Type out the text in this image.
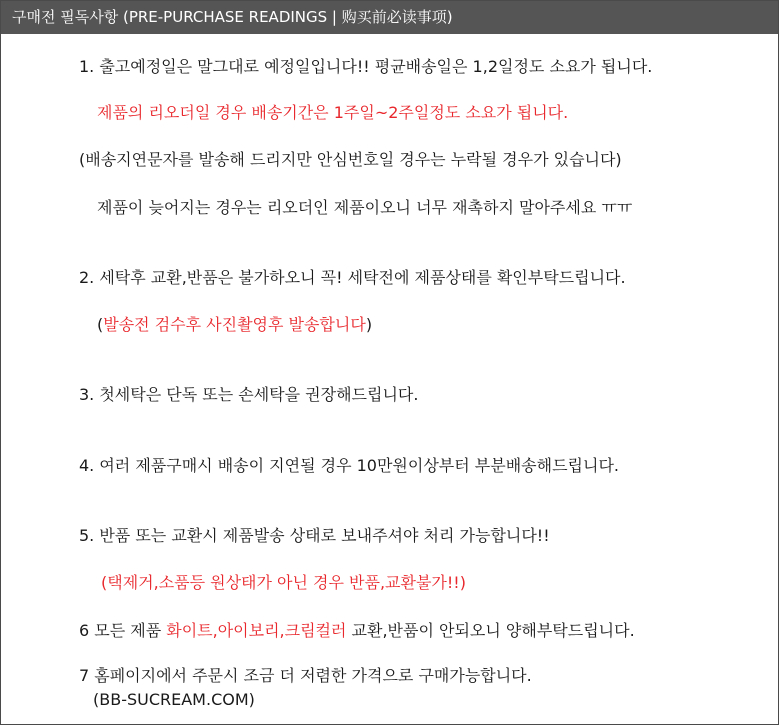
구매전 필독사항 (PRE-PURCHASE READINGS | 购买前必读事项)
1. 출고예정일은 말그대로 예정일입니다!! 평균배송일은 1,2일정도 소요가 됩니다.
제품의 리오더일 경우 배송기간은 1주일~2주일정도 소요가 됩니다.
(배송지연문자를 발송해 드리지만 안심번호일 경우는 누락될 경우가 있습니다)
제품이 늦어지는 경우는 리오더인 제품이오니 너무 재촉하지 말아주세요 ㅠㅠ
2. 세탁후 교환,반품은 불가하오니 꼭! 세탁전에 제품상태를 확인부탁드립니다.
(발송전 검수후 사진촬영후 발송합니다)
3. 첫세탁은 단독 또는 손세탁을 권장해드립니다.
4. 여러 제품구매시 배송이 지연될 경우 10만원이상부터 부분배송해드립니다.
5. 반품 또는 교환시 제품발송 상태로 보내주셔야 처리 가능합니다!!
(택제거,소품등 원상태가 아닌 경우 반품,교환불가!!)
6 모든 제품 화이트,아이보리,크림컬러 교환,반품이 안되오니 양해부탁드립니다.
7 홈페이지에서 주문시 조금 더 저렴한 가격으로 구매가능합니다.
(BB-SUCREAM.COM)
